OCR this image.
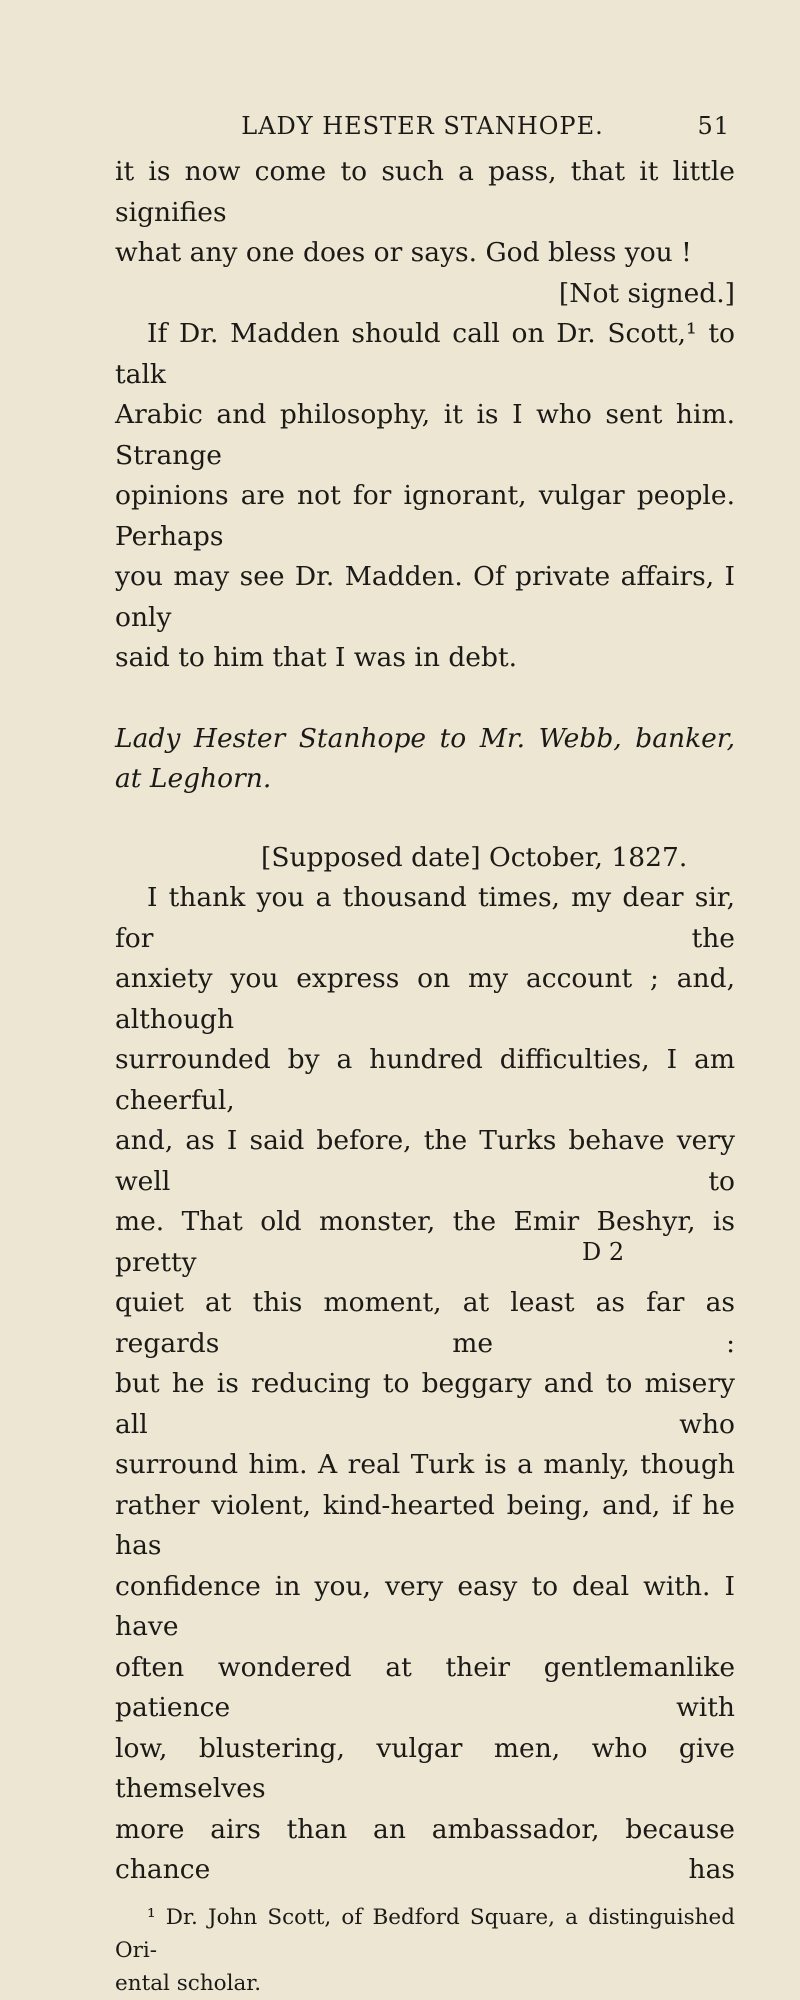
LADY HESTER STANHOPE.	51

it is now come to such a pass, that it little signifies
what any one does or says. God bless you !

[Not signed.]

If Dr. Madden should call on Dr. Scott,¹ to talk
Arabic and philosophy, it is I who sent him. Strange
opinions are not for ignorant, vulgar people. Perhaps
you may see Dr. Madden. Of private affairs, I only
said to him that I was in debt.

Lady Hester Stanhope to Mr. Webb, banker, at Leghorn.

[Supposed date] October, 1827.

I thank you a thousand times, my dear sir, for the
anxiety you express on my account ; and, although
surrounded by a hundred difficulties, I am cheerful,
and, as I said before, the Turks behave very well to
me. That old monster, the Emir Beshyr, is pretty
quiet at this moment, at least as far as regards me :
but he is reducing to beggary and to misery all who
surround him. A real Turk is a manly, though
rather violent, kind-hearted being, and, if he has
confidence in you, very easy to deal with. I have
often wondered at their gentlemanlike patience with
low, blustering, vulgar men, who give themselves
more airs than an ambassador, because chance has

¹ Dr. John Scott, of Bedford Square, a distinguished Ori-
ental scholar.

D 2
